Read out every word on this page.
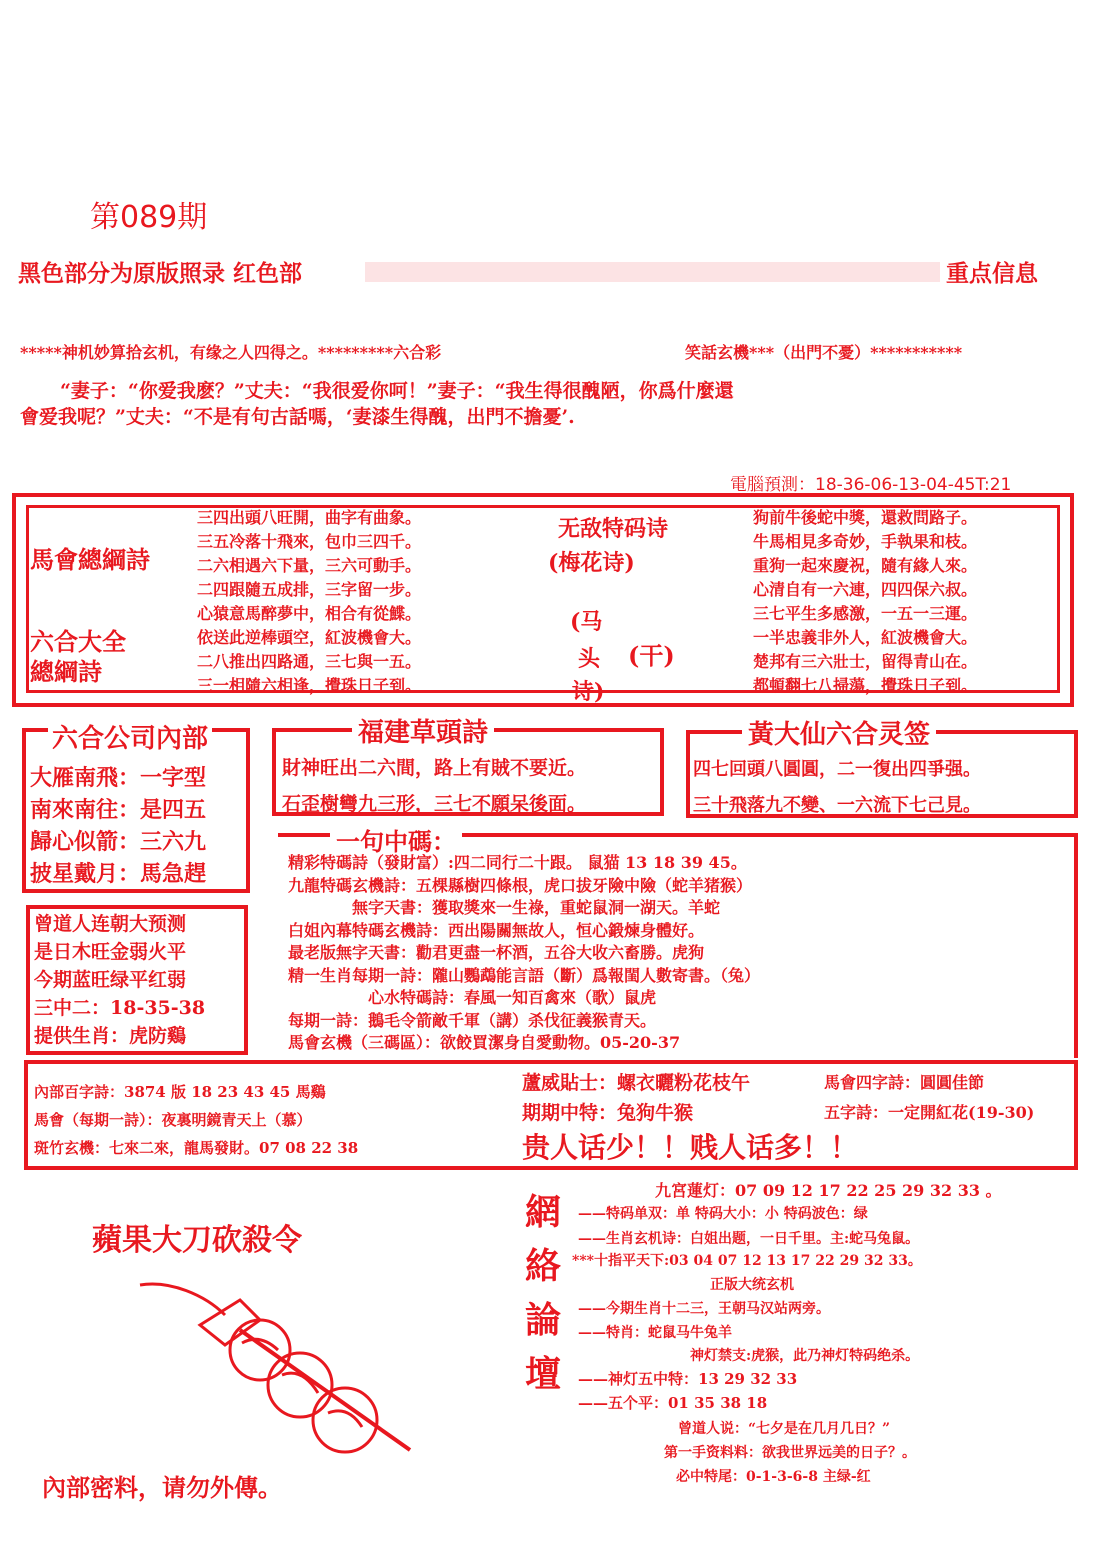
第089期
黑色部分为原版照录 红色部	重点信息
*****神机妙算拾玄机，有缘之人四得之。*********六合彩	笑話玄機***（出門不憂）***********
“妻子：“你爱我麽？”丈夫：“我很爱你呵！”妻子：“我生得很醜陋，你爲什麼還
會爱我呢？”丈夫：“不是有句古話嗎，‘妻漆生得醜，出門不擔憂’.
電腦預測：18-36-06-13-04-45T:21
馬會總綱詩
六合大全
總綱詩
三四出頭八旺開，曲字有曲象。
三五冷落十飛來，包巾三四千。
二六相遇六下量，三六可動手。
二四跟隨五成排，三字留一步。
心猿意馬醉夢中，相合有從鰈。
依送此逆棒頭空，紅波機會大。
二八推出四路通，三七與一五。
三一相隨六相逢，攪珠日子到。
无敌特码诗
(梅花诗)
(马
头
诗)
(干)
狗前牛後蛇中獎，還救問路子。
牛馬相見多奇妙，手執果和枝。
重狗一起來慶祝，隨有緣人來。
心清自有一六連，四四保六叔。
三七平生多感激，一五一三運。
一半忠義非外人，紅波機會大。
楚邦有三六壯士，留得青山在。
都頓翻七八掃蕩，攪珠日子到。
六合公司內部
大雁南飛：一字型
南來南往：是四五
歸心似箭：三六九
披星戴月：馬急趕
福建草頭詩
財神旺出二六間，路上有賊不要近。
石歪樹彎九三形，三七不願呆後面。
黃大仙六合灵签
四七回頭八圓圓，二一復出四爭强。
三十飛落九不變、一六流下七己見。
曾道人连朝大预测
是日木旺金弱火平
今期蓝旺绿平红弱
三中二：18-35-38
提供生肖：虎防鷄
一句中碼：
精彩特碼詩（發財富）:四二同行二十跟。 鼠猫 13 18 39 45。
九龍特碼玄機詩：五棵縣樹四條根，虎口拔牙險中險（蛇羊猪猴）
　　　　無字天書：獲取獎來一生祿，重蛇鼠洞一湖天。羊蛇
白姐內幕特碼玄機詩：西出陽關無故人，恒心鍛煉身體好。
最老版無字天書：勸君更盡一杯酒，五谷大收六畜勝。虎狗
精一生肖每期一詩：隴山鸚鵡能言語（斷）爲報閨人數寄書。（兔）
　　　　　心水特碼詩：春風一知百禽來（歌）鼠虎
每期一詩：鵝毛令箭敵千軍（講）杀伐征義猴青天。
馬會玄機（三碼區）：欲餃買潔身自愛動物。05-20-37
內部百字詩：3874 版 18 23 43 45 馬鷄
馬會（每期一詩）：夜裏明鏡青天上（慕）
斑竹玄機：七來二來，龍馬發財。07 08 22 38
蘆威貼士：螺衣曬粉花枝午
期期中特：兔狗牛猴
馬會四字詩：圓圓佳節
五字詩：一定開紅花(19-30)
贵人话少！！贱人话多！！
蘋果大刀砍殺令
內部密料，请勿外傳。
網
絡
論
壇
九宮蓮灯：07 09 12 17 22 25 29 32 33 。
——特码单双：单 特码大小：小 特码波色：绿
——生肖玄机诗：白姐出题，一日千里。主:蛇马兔鼠。
***十指平天下:03 04 07 12 13 17 22 29 32 33。
正版大统玄机
——今期生肖十二三，王朝马汉站两旁。
——特肖：蛇鼠马牛兔羊
神灯禁支:虎猴，此乃神灯特码绝杀。
——神灯五中特：13 29 32 33
——五个平：01 35 38 18
曾道人说：“七夕是在几月几日？”
第一手资料料：欲我世界远美的日子？。
必中特尾：0-1-3-6-8 主绿-红
